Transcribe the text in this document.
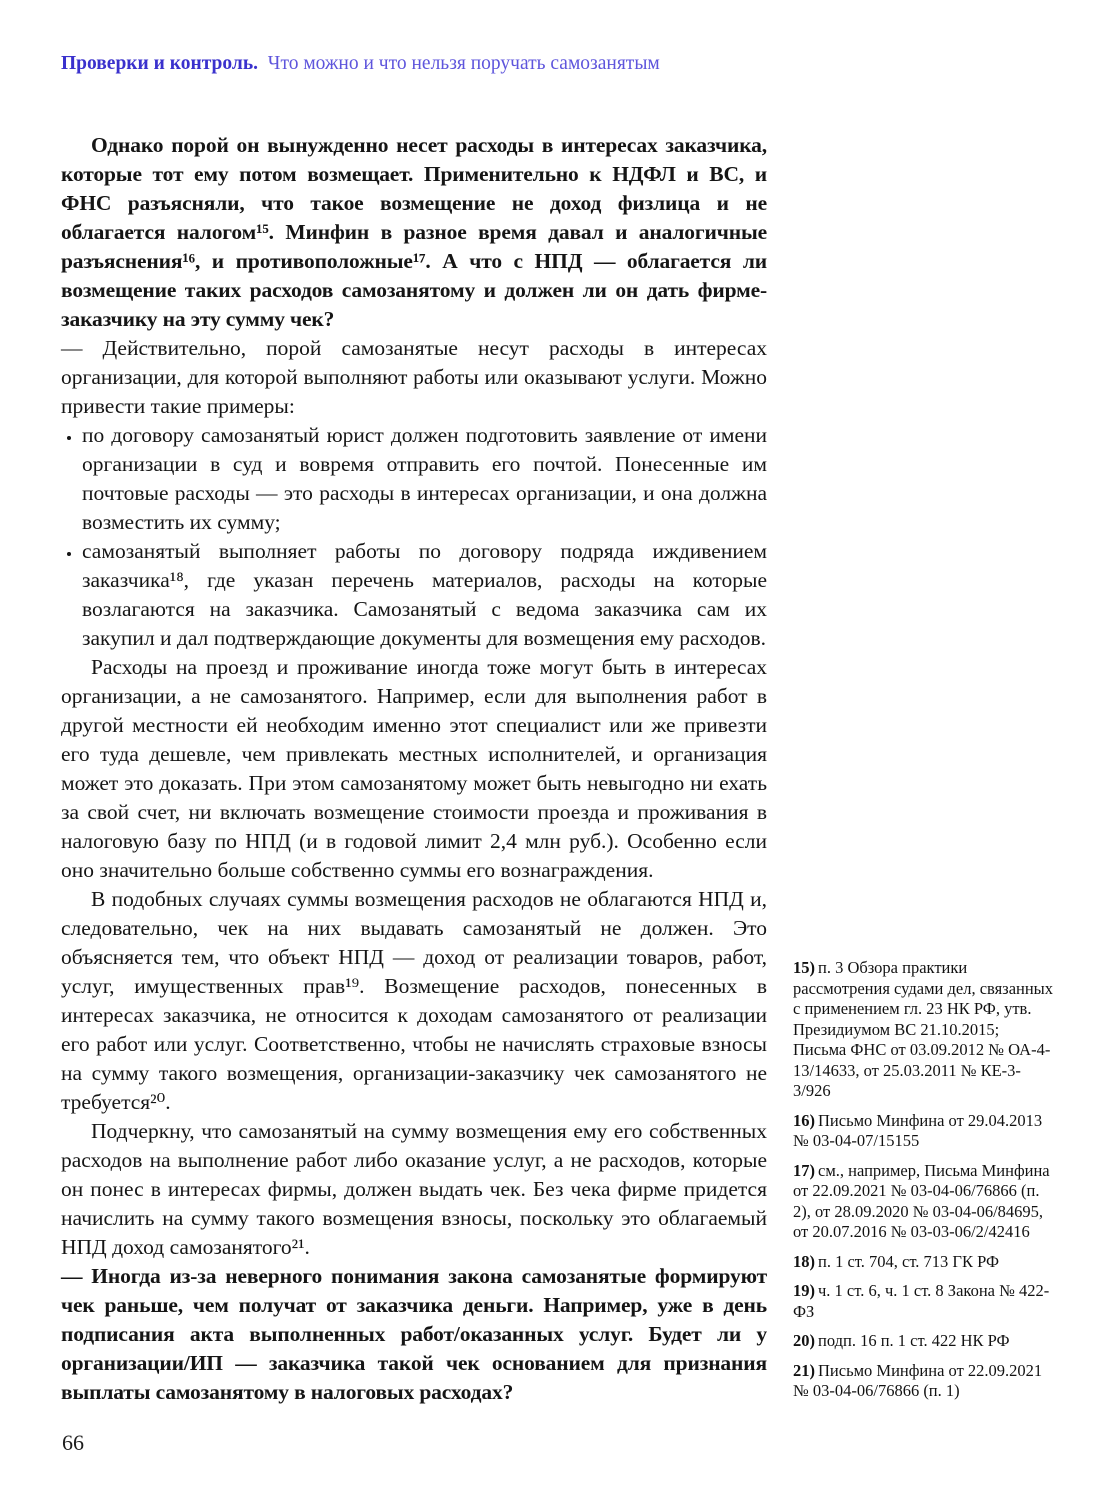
Проверки и контроль. Что можно и что нельзя поручать самозанятым

Однако порой он вынужденно несет расходы в интересах заказчика, которые тот ему потом возмещает. Применительно к НДФЛ и ВС, и ФНС разъясняли, что такое возмещение не доход физлица и не облагается налогом¹⁵. Минфин в разное время давал и аналогичные разъяснения¹⁶, и противоположные¹⁷. А что с НПД — облагается ли возмещение таких расходов самозанятому и должен ли он дать фирме-заказчику на эту сумму чек?

— Действительно, порой самозанятые несут расходы в интересах организации, для которой выполняют работы или оказывают услуги. Можно привести такие примеры:

• по договору самозанятый юрист должен подготовить заявление от имени организации в суд и вовремя отправить его почтой. Понесенные им почтовые расходы — это расходы в интересах организации, и она должна возместить их сумму;
• самозанятый выполняет работы по договору подряда иждивением заказчика¹⁸, где указан перечень материалов, расходы на которые возлагаются на заказчика. Самозанятый с ведома заказчика сам их закупил и дал подтверждающие документы для возмещения ему расходов.

Расходы на проезд и проживание иногда тоже могут быть в интересах организации, а не самозанятого. Например, если для выполнения работ в другой местности ей необходим именно этот специалист или же привезти его туда дешевле, чем привлекать местных исполнителей, и организация может это доказать. При этом самозанятому может быть невыгодно ни ехать за свой счет, ни включать возмещение стоимости проезда и проживания в налоговую базу по НПД (и в годовой лимит 2,4 млн руб.). Особенно если оно значительно больше собственно суммы его вознаграждения.

В подобных случаях суммы возмещения расходов не облагаются НПД и, следовательно, чек на них выдавать самозанятый не должен. Это объясняется тем, что объект НПД — доход от реализации товаров, работ, услуг, имущественных прав¹⁹. Возмещение расходов, понесенных в интересах заказчика, не относится к доходам самозанятого от реализации его работ или услуг. Соответственно, чтобы не начислять страховые взносы на сумму такого возмещения, организации-заказчику чек самозанятого не требуется²⁰.

Подчеркну, что самозанятый на сумму возмещения ему его собственных расходов на выполнение работ либо оказание услуг, а не расходов, которые он понес в интересах фирмы, должен выдать чек. Без чека фирме придется начислить на сумму такого возмещения взносы, поскольку это облагаемый НПД доход самозанятого²¹.

— Иногда из-за неверного понимания закона самозанятые формируют чек раньше, чем получат от заказчика деньги. Например, уже в день подписания акта выполненных работ/оказанных услуг. Будет ли у организации/ИП — заказчика такой чек основанием для признания выплаты самозанятому в налоговых расходах?

15) п. 3 Обзора практики рассмотрения судами дел, связанных с применением гл. 23 НК РФ, утв. Президиумом ВС 21.10.2015; Письма ФНС от 03.09.2012 № ОА-4-13/14633, от 25.03.2011 № КЕ-3-3/926
16) Письмо Минфина от 29.04.2013 № 03-04-07/15155
17) см., например, Письма Минфина от 22.09.2021 № 03-04-06/76866 (п. 2), от 28.09.2020 № 03-04-06/84695, от 20.07.2016 № 03-03-06/2/42416
18) п. 1 ст. 704, ст. 713 ГК РФ
19) ч. 1 ст. 6, ч. 1 ст. 8 Закона № 422-ФЗ
20) подп. 16 п. 1 ст. 422 НК РФ
21) Письмо Минфина от 22.09.2021 № 03-04-06/76866 (п. 1)
66
